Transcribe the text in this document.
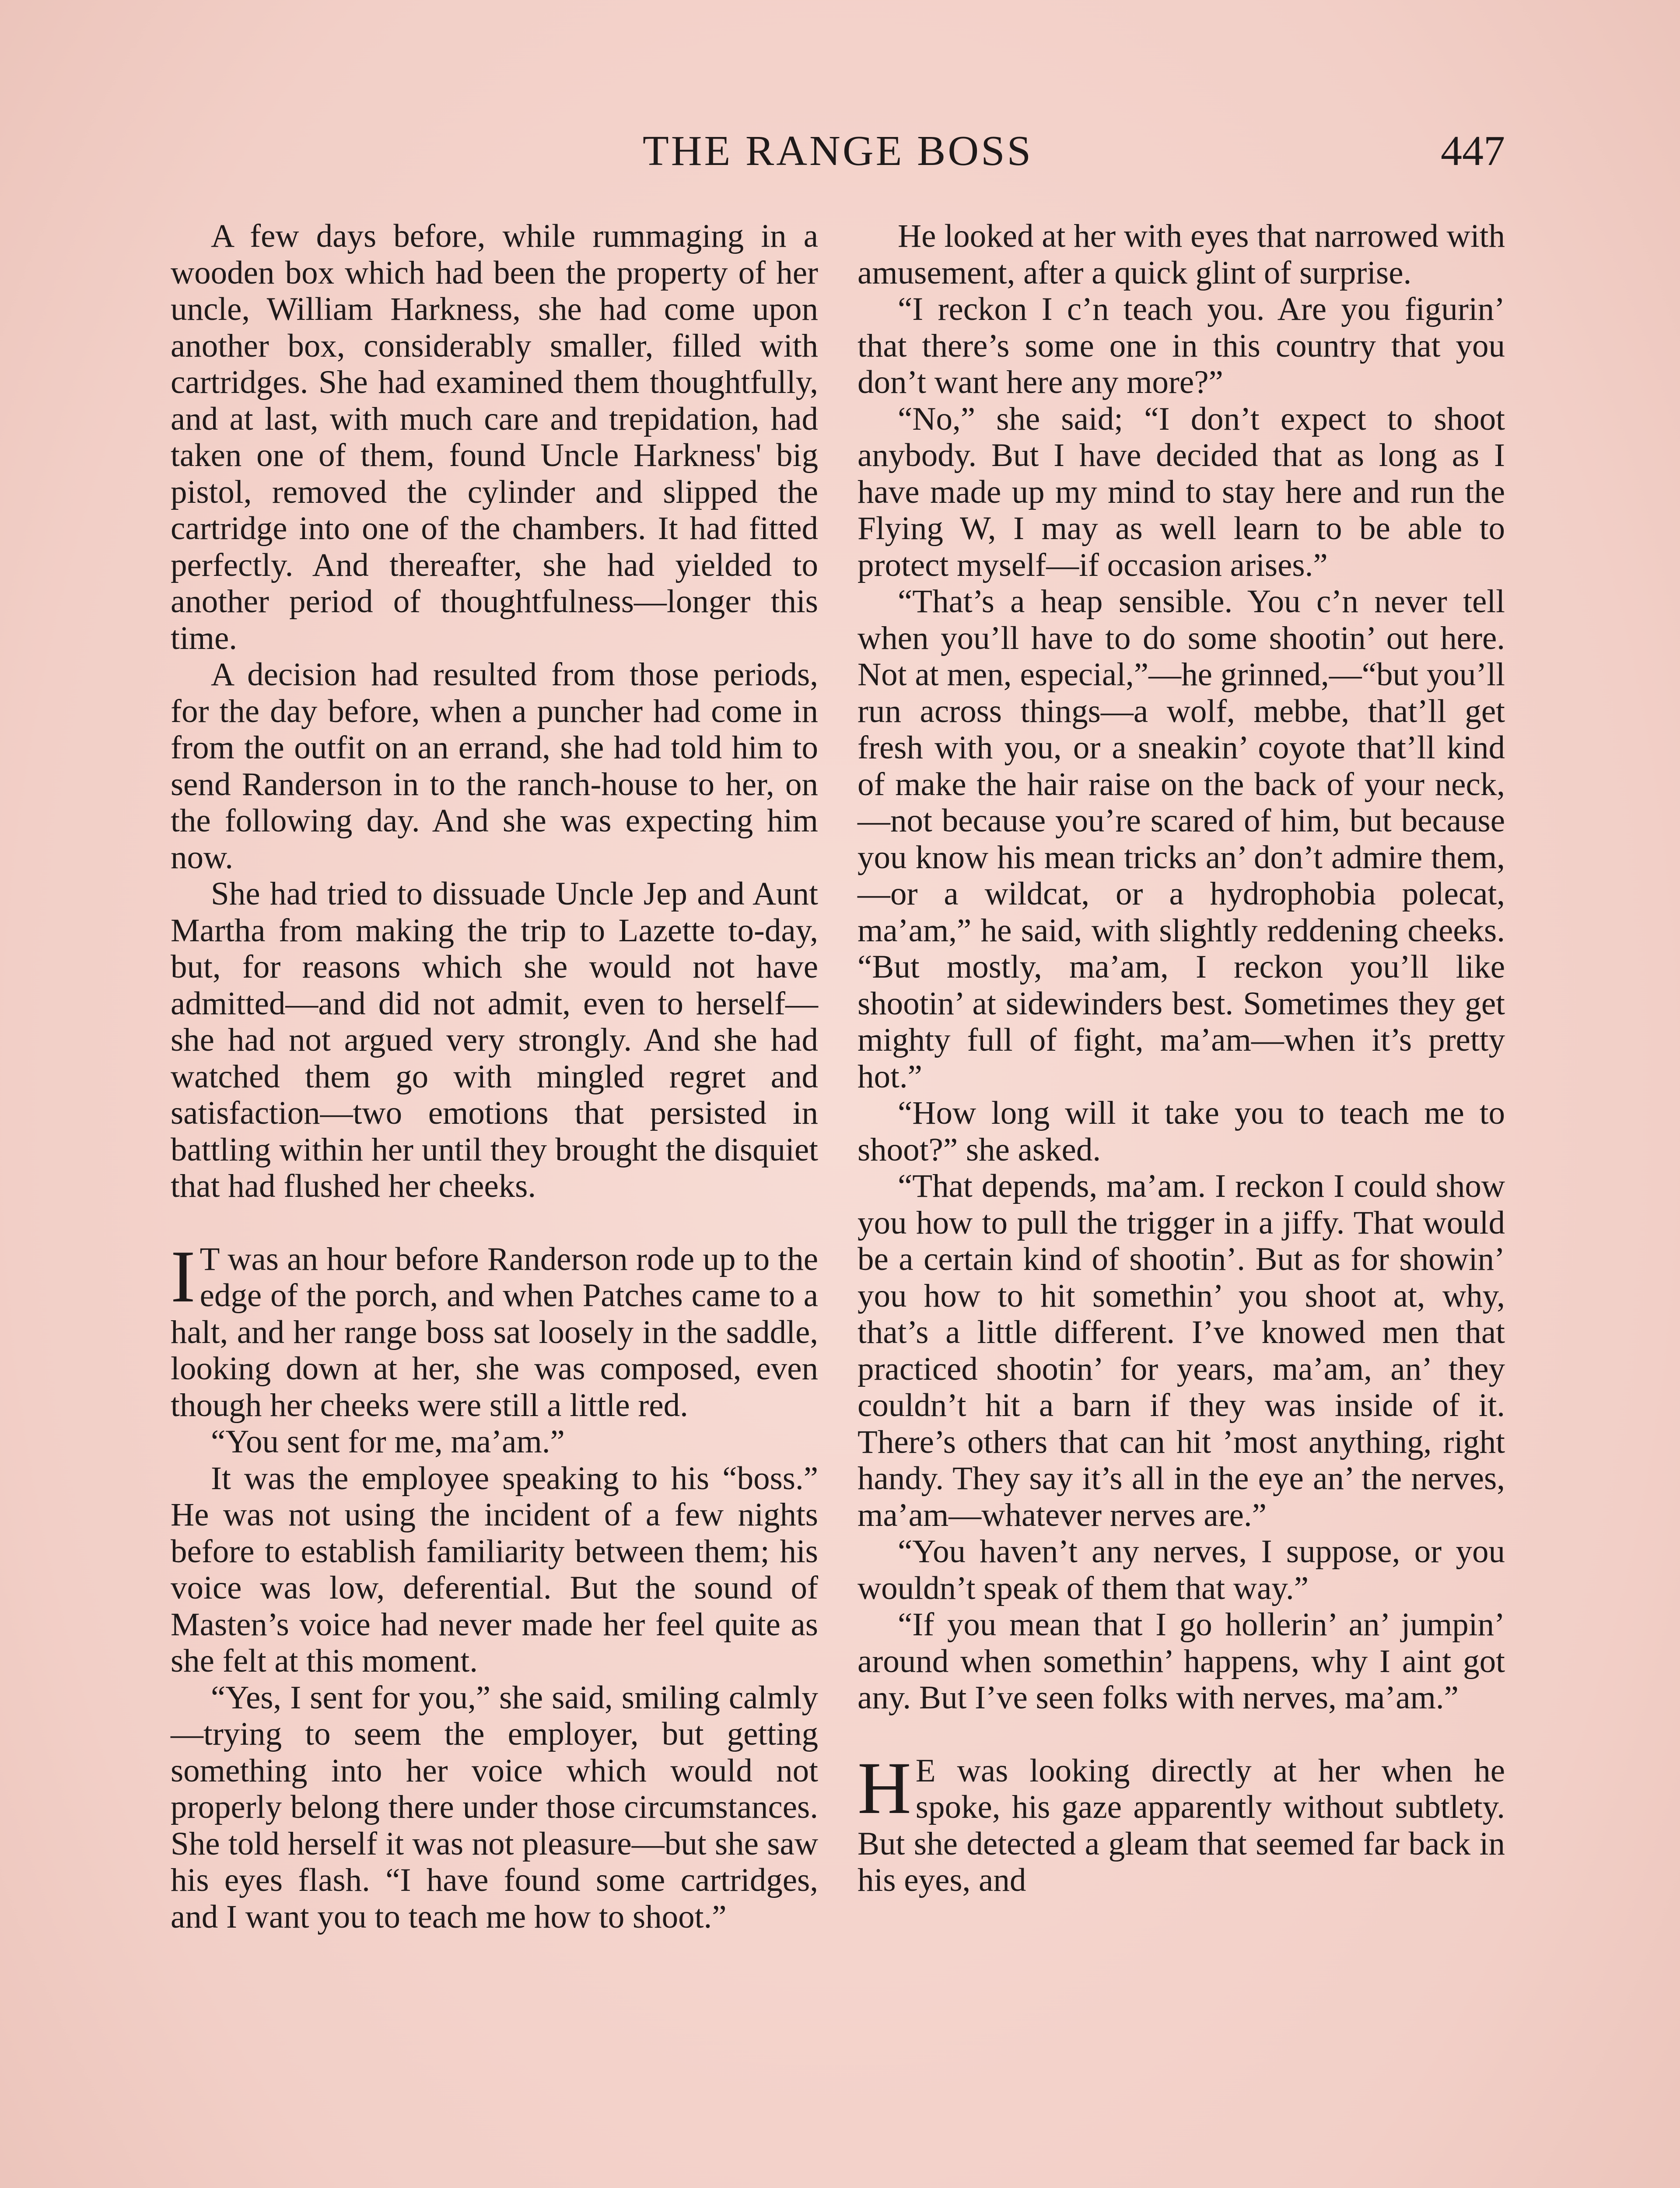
THE RANGE BOSS	447

A few days before, while rummaging in a wooden box which had been the property of her uncle, William Harkness, she had come upon another box, considerably smaller, filled with cartridges. She had examined them thoughtfully, and at last, with much care and trepidation, had taken one of them, found Uncle Harkness' big pistol, removed the cylinder and slipped the cartridge into one of the chambers. It had fitted perfectly. And thereafter, she had yielded to another period of thoughtfulness—longer this time.

A decision had resulted from those periods, for the day before, when a puncher had come in from the outfit on an errand, she had told him to send Randerson in to the ranch-house to her, on the following day. And she was expecting him now.

She had tried to dissuade Uncle Jep and Aunt Martha from making the trip to Lazette to-day, but, for reasons which she would not have admitted—and did not admit, even to herself—she had not argued very strongly. And she had watched them go with mingled regret and satisfaction—two emotions that persisted in battling within her until they brought the disquiet that had flushed her cheeks.

I T was an hour before Randerson rode up to the edge of the porch, and when Patches came to a halt, and her range boss sat loosely in the saddle, looking down at her, she was composed, even though her cheeks were still a little red.

“You sent for me, ma’am.”

It was the employee speaking to his “boss.” He was not using the incident of a few nights before to establish familiarity between them; his voice was low, deferential. But the sound of Masten’s voice had never made her feel quite as she felt at this moment.

“Yes, I sent for you,” she said, smiling calmly—trying to seem the employer, but getting something into her voice which would not properly belong there under those circumstances. She told herself it was not pleasure—but she saw his eyes flash. “I have found some cartridges, and I want you to teach me how to shoot.”

He looked at her with eyes that narrowed with amusement, after a quick glint of surprise.

“I reckon I c’n teach you. Are you figurin’ that there’s some one in this country that you don’t want here any more?”

“No,” she said; “I don’t expect to shoot anybody. But I have decided that as long as I have made up my mind to stay here and run the Flying W, I may as well learn to be able to protect myself—if occasion arises.”

“That’s a heap sensible. You c’n never tell when you’ll have to do some shootin’ out here. Not at men, especial,”—he grinned,—“but you’ll run across things—a wolf, mebbe, that’ll get fresh with you, or a sneakin’ coyote that’ll kind of make the hair raise on the back of your neck,—not because you’re scared of him, but because you know his mean tricks an’ don’t admire them,—or a wildcat, or a hydrophobia polecat, ma’am,” he said, with slightly reddening cheeks. “But mostly, ma’am, I reckon you’ll like shootin’ at sidewinders best. Sometimes they get mighty full of fight, ma’am—when it’s pretty hot.”

“How long will it take you to teach me to shoot?” she asked.

“That depends, ma’am. I reckon I could show you how to pull the trigger in a jiffy. That would be a certain kind of shootin’. But as for showin’ you how to hit somethin’ you shoot at, why, that’s a little different. I’ve knowed men that practiced shootin’ for years, ma’am, an’ they couldn’t hit a barn if they was inside of it. There’s others that can hit ’most anything, right handy. They say it’s all in the eye an’ the nerves, ma’am—whatever nerves are.”

“You haven’t any nerves, I suppose, or you wouldn’t speak of them that way.”

“If you mean that I go hollerin’ an’ jumpin’ around when somethin’ happens, why I aint got any. But I’ve seen folks with nerves, ma’am.”

H E was looking directly at her when he spoke, his gaze apparently without subtlety. But she detected a gleam that seemed far back in his eyes, and
